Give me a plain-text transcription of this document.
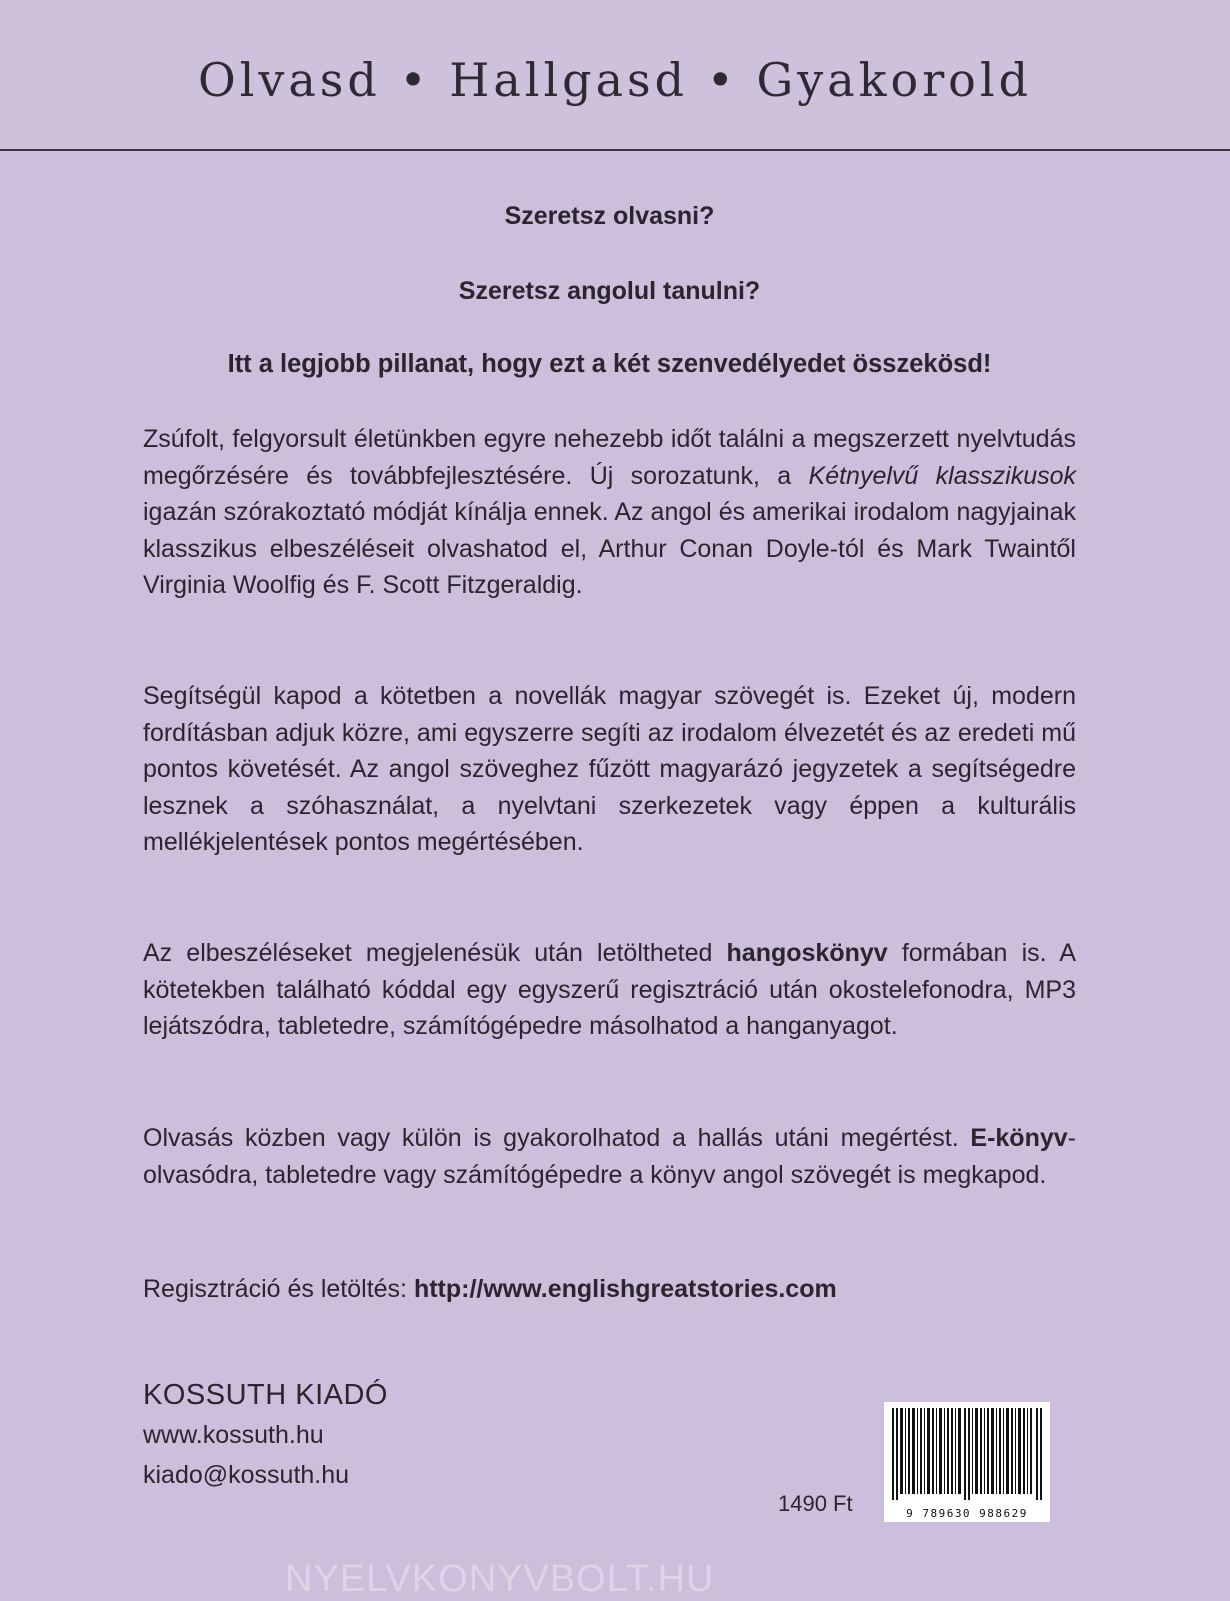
Olvasd • Hallgasd • Gyakorold

Szeretsz olvasni?

Szeretsz angolul tanulni?

Itt a legjobb pillanat, hogy ezt a két szenvedélyedet összekösd!

Zsúfolt, felgyorsult életünkben egyre nehezebb időt találni a megszerzett nyelvtudás megőrzésére és továbbfejlesztésére. Új sorozatunk, a Kétnyelvű klasszikusok igazán szórakoztató módját kínálja ennek. Az angol és amerikai irodalom nagyjainak klasszikus elbeszéléseit olvashatod el, Arthur Conan Doyle-tól és Mark Twaintől Virginia Woolfig és F. Scott Fitzgeraldig.

Segítségül kapod a kötetben a novellák magyar szövegét is. Ezeket új, modern fordításban adjuk közre, ami egyszerre segíti az irodalom élvezetét és az eredeti mű pontos követését. Az angol szöveghez fűzött magyarázó jegyzetek a segítségedre lesznek a szóhasználat, a nyelvtani szerkezetek vagy éppen a kulturális mellékjelentések pontos megértésében.

Az elbeszéléseket megjelenésük után letöltheted hangoskönyv formában is. A kötetekben található kóddal egy egyszerű regisztráció után okostelefonodra, MP3 lejátszódra, tabletedre, számítógépedre másolhatod a hanganyagot.

Olvasás közben vagy külön is gyakorolhatod a hallás utáni megértést. E-könyv-olvasódra, tabletedre vagy számítógépedre a könyv angol szövegét is megkapod.

Regisztráció és letöltés: http://www.englishgreatstories.com

KOSSUTH KIADÓ
www.kossuth.hu
kiado@kossuth.hu
1490 Ft	9 789630 988629
NYELVKONYVBOLT.HU
